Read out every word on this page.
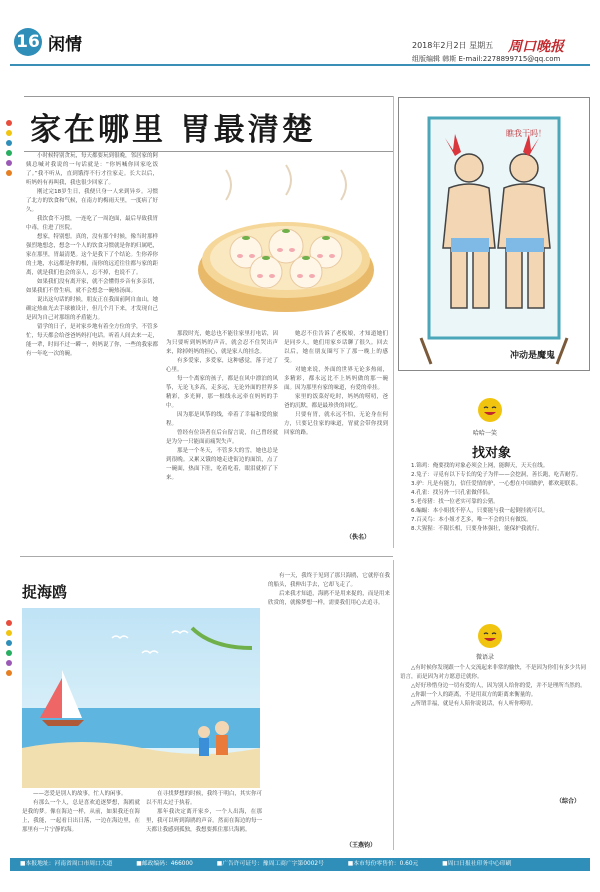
16 闲情	2018年2月2日 星期五
组版编辑 韩斯 E-mail:2278899715@qq.com
周口晚报
家在哪里 胃最清楚

小时候特别贪玩，每天都要玩到很晚，邻居家的阿姨总喊对我说的一句话就是：“你妈喊你回家吃饭了。”我不听从，直到饿得不行才往家走。长大以后，听妈妈有再叫我，我也很少回家了。

刚过完18岁生日，我便只身一人来到异乡。习惯了北方的饮食和气候，在南方的梅雨天里，一度病了好久。

我饮食不习惯，一连吃了一周泡面，最后导致我胃中毒，住进了医院。

想家，特别想。真的，没有那个时候，像当时那样强烈地想念，想念一个人的饮食习惯就是你的归属吧，家在那里，胃最清楚。这个是我下了个结论。生你养你的土地，水远都是你的根，而你的远近往往都与家的距离，就是我们也会的亲人，忘不掉，也说不了。

如果我们没有离开家，就不会懂得乡音有多亲切，如果我们不曾生病，就不会想念一碗热汤面。

说出这句话的时候，朋友正在我面前阿自血山，她确定热血光去手球被设计，但几个月下来，才发现自己是因为自己对那组的矛盾能力。

留学的日子，是对家乡地有着全方位的学，不管多忙，每天都会给爸爸妈妈打电话。听着人间去来一走，能一辈，时间不过一瞬一，妈妈说了你，一些的我家都有一年吃一次的碗。

那段时光，她总也不能往家里打电话，因为只要听到妈妈的声音，就会忍不住哭出声来，除掉妈妈的担心，就是家人的挂念。

有多爱家，多爱家，这种感觉，落于过了心里。

每一个离家的孩子，都是在风中漂泊的风筝，无论飞多高，走多远，无论外面的世界多精彩，多光鲜，那一根线永远牵在妈妈的手中。

因为那是风筝的线，牵着了幸福和爱的旅程。

曾经有位读者在后台留言说，自己曾经就是为分一只能面而痛哭失声。

那是一个冬天，不管多大的雪，她也总是到很晚。又累又饿的她走进街边的面馆，点了一碗面，热面下肚，吃着吃着，眼泪就掉了下来。

她忍不住告诉了老板娘，才知道她们是同乡人，她们用家乡话聊了很久。回去以后，她在朋友圈写下了那一晚上的感受。

对她来说，外面的世界无论多热闹，多精彩，都永远比不上妈妈做的那一碗面。因为那里有家的味道，有爱的牵挂。

家里的饭菜好吃时，妈妈的唠叨，爸爸的沉默，都是最珍贵的回忆。

只要有胃，就永远不怕，无论身在何方，只要记住家的味道，胃就会带你找到回家的路。

（佚名）
瞧我干吗！
冲动是魔鬼
哈哈一笑
找对象

1.锦鸡：俺要找的对象必须会上网，能聊天，天天在线。

2.兔子：寻觅有以下专长的兔子为伴——会挖洞，善长跑，吃苦耐劳。

3.驴：凡是有能力，信任爱情的驴，一心想在中国做驴，都欢迎联系。

4.孔雀：找另外一只孔雀做伴侣。

5.老母猪：找一位老实可靠的公猪。

6.蝙蝠：本小姐找不停人，只要能与我一起倒挂就可以。

7.百灵鸟：本小姐才艺多，唯一不会的只有做饭。

8.大猩猩：不限长相，只要身体强壮，能保护我就行。

微语录

△有时候你发现跟一个人交流起来非常的愉快，不是因为你们有多少共同语言，而是因为对方愿意迁就你。

△好好珍惜身边一切有爱的人，因为别人给你的爱，并不是理所当然的。

△你跟一个人的距离，不是用双方的距离来衡量的。

△所谓幸福，就是有人陪你说说话，有人听你唠叨。

（综合）
捉海鸥

——恋爱是别人的故事，忙人的闲事。

有那么一个人，总是喜欢追逐梦想，海鸥就是我的梦。像在海边一样，从前，如果我还在海上，我能，一起看日出日落，一边在海边里，在那里有一片宁静的海。

在寻找梦想的时候，我终于明白，其实你可以不用太过于执着。

那年我决定离开家乡，一个人出海，在那里，我可以听到海鸥的声音。然而在海边的每一天都让我感到孤独，我想要抓住那只海鸥。

有一天，我终于见到了那只海鸥，它就停在我的船头，我伸出手去，它却飞走了。

后来我才知道，海鸥不是用来捉的，而是用来欣赏的，就像梦想一样，需要我们用心去追寻。

（王燕钧）
■本报地址：河南省周口市周口大道	■邮政编码：466000	■广告许可证号：豫周工商广字第0002号	■本市每份零售价：0.60元	■周口日报社印务中心印刷
